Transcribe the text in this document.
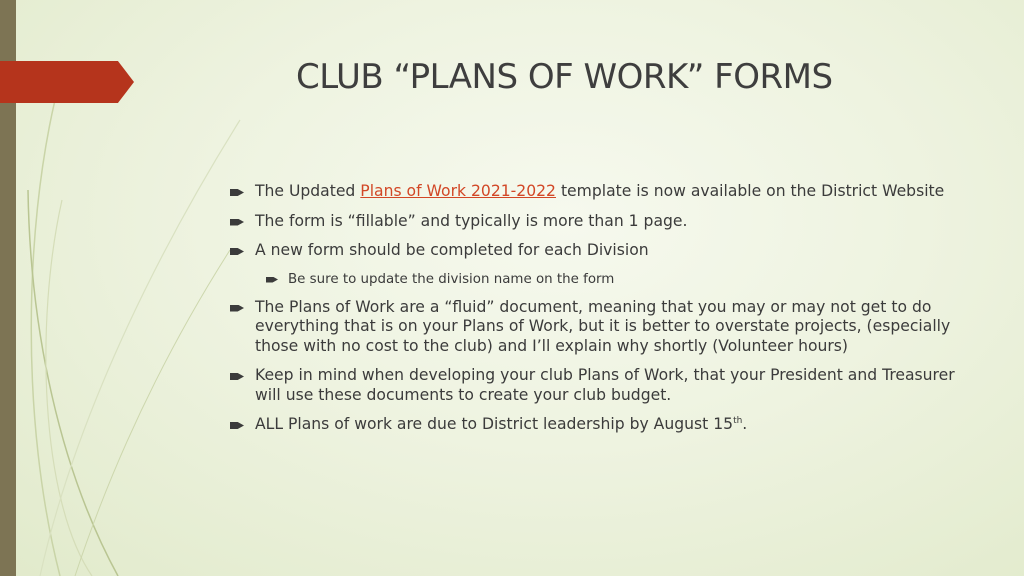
CLUB “PLANS OF WORK” FORMS
The Updated Plans of Work 2021-2022 template is now available on the District Website
The form is “fillable” and typically is more than 1 page.
A new form should be completed for each Division
Be sure to update the division name on the form
The Plans of Work are a “fluid” document, meaning that you may or may not get to do everything that is on your Plans of Work, but it is better to overstate projects, (especially those with no cost to the club) and I’ll explain why shortly (Volunteer hours)
Keep in mind when developing your club Plans of Work, that your President and Treasurer will use these documents to create your club budget.
ALL Plans of work are due to District leadership by August 15th.
